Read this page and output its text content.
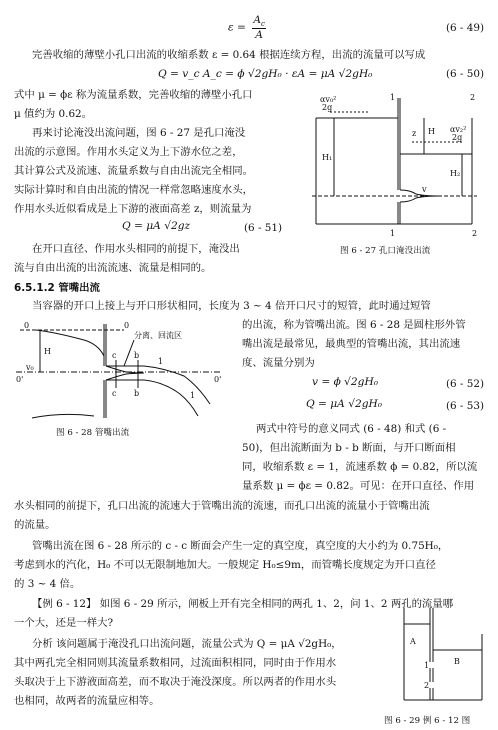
$\varepsilon = \frac{A_c}{A}$	(6 - 49)
完善收缩的薄壁小孔口出流的收缩系数 ε = 0.64 根据连续方程，出流的流量可以写成
Q = v_c A_c = ϕ √2gH₀ · εA = μA √2gH₀	(6 - 50)
式中 μ = ϕε 称为流量系数，完善收缩的薄壁小孔口
μ 值约为 0.62。
再来讨论淹没出流问题，图 6 - 27 是孔口淹没
出流的示意图。作用水头定义为上下游水位之差，
其计算公式及流速、流量系数与自由出流完全相同。
实际计算时和自由出流的情况一样常忽略速度水头，
作用水头近似看成是上下游的液面高差 z，则流量为
Q = μA √2gz	(6 - 51)
在开口直径、作用水头相同的前提下，淹没出
流与自由出流的出流流速、流量是相同的。
αv₀²
2g
1	2
H₁
H
H₂
z	αv₂²
2g
v
2
1
图 6 - 27 孔口淹没出流
6.5.1.2 管嘴出流
当容器的开口上接上与开口形状相同，长度为 3 ~ 4 倍开口尺寸的短管，此时通过短管
0	0
H
v₀
c
c
b
b
1
1
0'	0'
分离、回流区
图 6 - 28 管嘴出流
的出流，称为管嘴出流。图 6 - 28 是圆柱形外管
嘴出流是最常见，最典型的管嘴出流，其出流速
度、流量分别为
v = ϕ √2gH₀	(6 - 52)
Q = μA √2gH₀	(6 - 53)
两式中符号的意义同式 (6 - 48) 和式 (6 -
50)，但出流断面为 b - b 断面，与开口断面相
同，收缩系数 ε = 1，流速系数 ϕ = 0.82，所以流
量系数 μ = ϕε = 0.82。可见：在开口直径、作用
水头相同的前提下，孔口出流的流速大于管嘴出流的流速，而孔口出流的流量小于管嘴出流
的流量。
管嘴出流在图 6 - 28 所示的 c - c 断面会产生一定的真空度，真空度的大小约为 0.75H₀，
考虑到水的汽化，H₀ 不可以无限制地加大。一般规定 H₀≤9m，而管嘴长度规定为开口直径
的 3 ~ 4 倍。
【例 6 - 12】 如图 6 - 29 所示，闸板上开有完全相同的两孔 1、2，问 1、2 两孔的流量哪
一个大，还是一样大?
分析 该问题属于淹没孔口出流问题，流量公式为 Q = μA √2gH₀，
其中两孔完全相同则其流量系数相同，过流面积相同，同时由于作用水
头取决于上下游液面高差，而不取决于淹没深度。所以两者的作用水头
也相同，故两者的流量应相等。
A
B
1
2
图 6 - 29 例 6 - 12 图
